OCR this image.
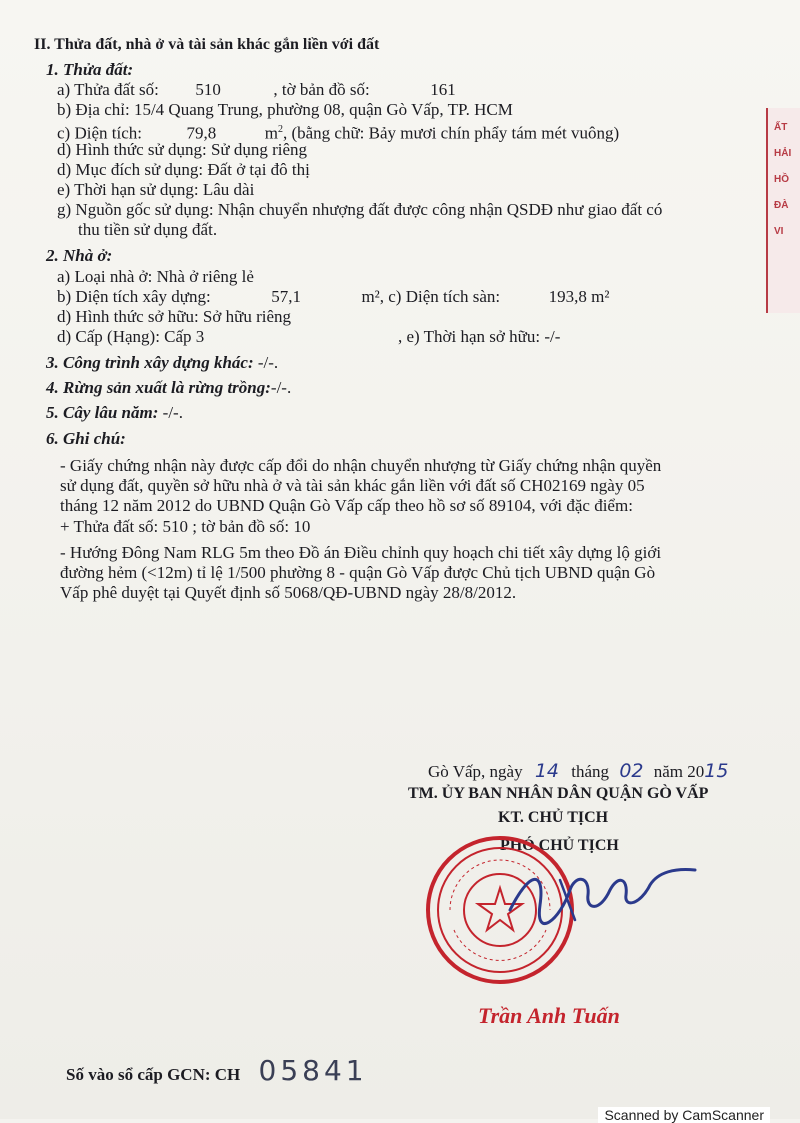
ẤT
HẢI
HỒ
ĐÀ
VI
II. Thửa đất, nhà ở và tài sản khác gắn liền với đất
1. Thửa đất:
a) Thửa đất số: 510	, tờ bản đồ số:	161
b) Địa chỉ: 15/4 Quang Trung, phường 08, quận Gò Vấp, TP. HCM
c) Diện tích:	79,8	$m^2$, (bằng chữ: Bảy mươi chín phẩy tám mét vuông)
d) Hình thức sử dụng: Sử dụng riêng
d) Mục đích sử dụng: Đất ở tại đô thị
e) Thời hạn sử dụng: Lâu dài
g) Nguồn gốc sử dụng: Nhận chuyển nhượng đất được công nhận QSDĐ như giao đất có
thu tiền sử dụng đất.
2. Nhà ở:
a) Loại nhà ở: Nhà ở riêng lẻ
b) Diện tích xây dựng:	57,1	m², c) Diện tích sàn:	193,8 m²
d) Hình thức sở hữu: Sở hữu riêng
d) Cấp (Hạng): Cấp 3	, e) Thời hạn sở hữu: -/-
3. Công trình xây dựng khác: -/-.
4. Rừng sản xuất là rừng trồng:-/-.
5. Cây lâu năm: -/-.
6. Ghi chú:
- Giấy chứng nhận này được cấp đổi do nhận chuyển nhượng từ Giấy chứng nhận quyền
sử dụng đất, quyền sở hữu nhà ở và tài sản khác gắn liền với đất số CH02169 ngày 05
tháng 12 năm 2012 do UBND Quận Gò Vấp cấp theo hồ sơ số 89104, với đặc điểm:
+ Thửa đất số: 510 ; tờ bản đồ số: 10
- Hướng Đông Nam RLG 5m theo Đồ án Điều chỉnh quy hoạch chi tiết xây dựng lộ giới
đường hẻm (<12m) tỉ lệ 1/500 phường 8 - quận Gò Vấp được Chủ tịch UBND quận Gò
Vấp phê duyệt tại Quyết định số 5068/QĐ-UBND ngày 28/8/2012.
Gò Vấp, ngày 14 tháng 02 năm 2015
TM. ỦY BAN NHÂN DÂN QUẬN GÒ VẤP
KT. CHỦ TỊCH
PHÓ CHỦ TỊCH
Trần Anh Tuấn
Số vào sổ cấp GCN: CH 05841
Scanned by CamScanner
